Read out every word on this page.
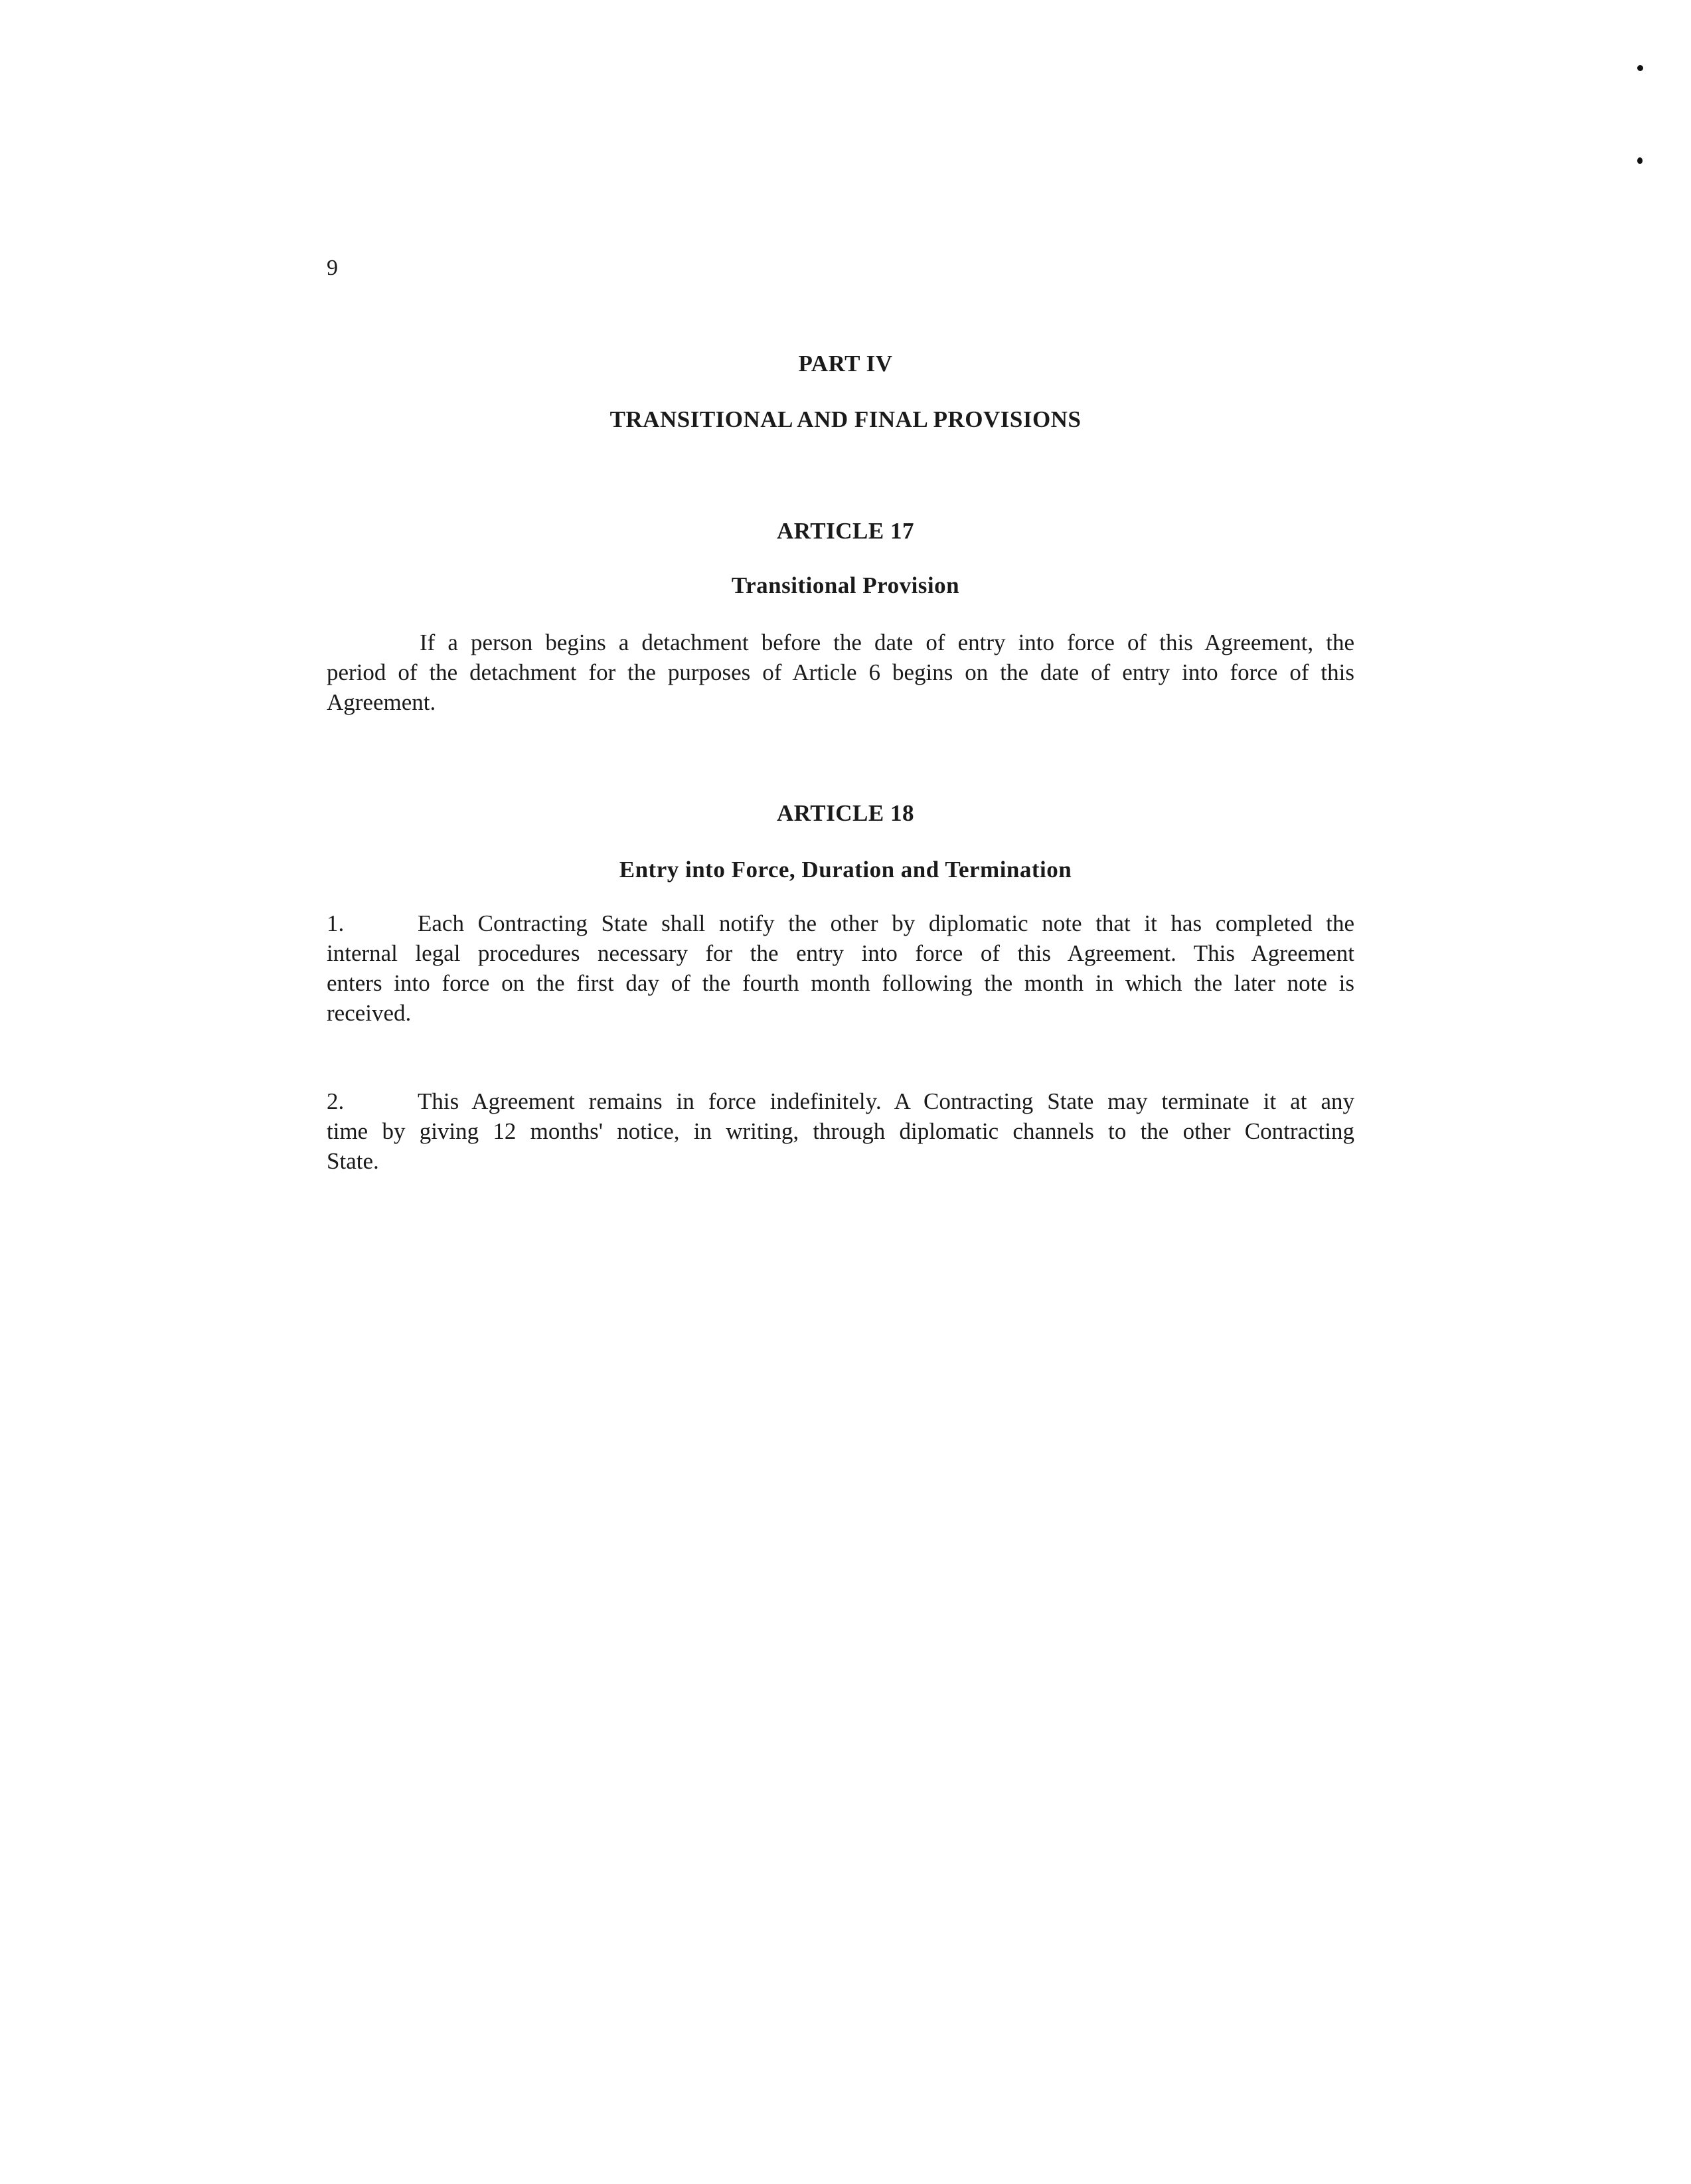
9
PART IV
TRANSITIONAL AND FINAL PROVISIONS
ARTICLE 17
Transitional Provision
If a person begins a detachment before the date of entry into force of this Agreement, the
period of the detachment for the purposes of Article 6 begins on the date of entry into force of this
Agreement.
ARTICLE 18
Entry into Force, Duration and Termination
1.	Each Contracting State shall notify the other by diplomatic note that it has completed the
internal legal procedures necessary for the entry into force of this Agreement. This Agreement
enters into force on the first day of the fourth month following the month in which the later note is
received.
2.	This Agreement remains in force indefinitely. A Contracting State may terminate it at any
time by giving 12 months' notice, in writing, through diplomatic channels to the other Contracting
State.
